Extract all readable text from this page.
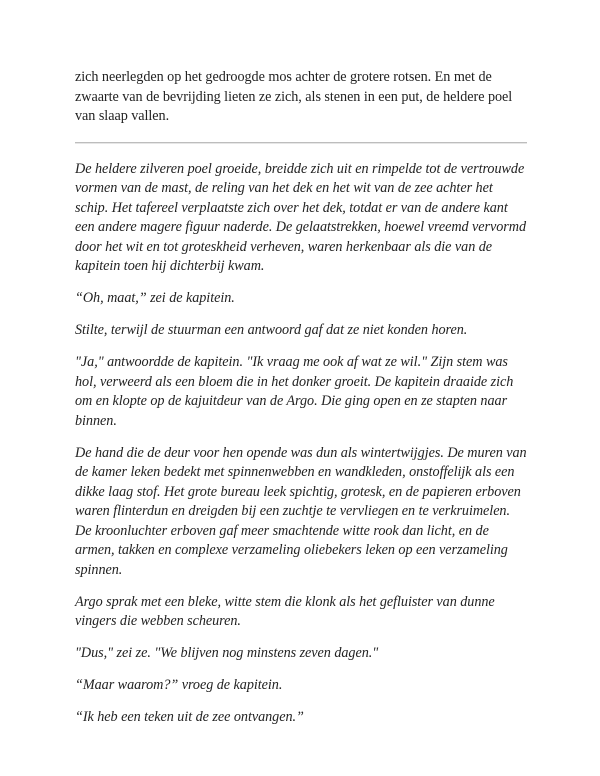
zich neerlegden op het gedroogde mos achter de grotere rotsen. En met de zwaarte van de bevrijding lieten ze zich, als stenen in een put, de heldere poel van slaap vallen.

De heldere zilveren poel groeide, breidde zich uit en rimpelde tot de vertrouwde vormen van de mast, de reling van het dek en het wit van de zee achter het schip. Het tafereel verplaatste zich over het dek, totdat er van de andere kant een andere magere figuur naderde. De gelaatstrekken, hoewel vreemd vervormd door het wit en tot groteskheid verheven, waren herkenbaar als die van de kapitein toen hij dichterbij kwam.

“Oh, maat,” zei de kapitein.

Stilte, terwijl de stuurman een antwoord gaf dat ze niet konden horen.

"Ja," antwoordde de kapitein. "Ik vraag me ook af wat ze wil." Zijn stem was hol, verweerd als een bloem die in het donker groeit. De kapitein draaide zich om en klopte op de kajuitdeur van de Argo. Die ging open en ze stapten naar binnen.

De hand die de deur voor hen opende was dun als wintertwijgjes. De muren van de kamer leken bedekt met spinnenwebben en wandkleden, onstoffelijk als een dikke laag stof. Het grote bureau leek spichtig, grotesk, en de papieren erboven waren flinterdun en dreigden bij een zuchtje te vervliegen en te verkruimelen. De kroonluchter erboven gaf meer smachtende witte rook dan licht, en de armen, takken en complexe verzameling oliebekers leken op een verzameling spinnen.

Argo sprak met een bleke, witte stem die klonk als het gefluister van dunne vingers die webben scheuren.

"Dus," zei ze. "We blijven nog minstens zeven dagen."

“Maar waarom?” vroeg de kapitein.

“Ik heb een teken uit de zee ontvangen.”
